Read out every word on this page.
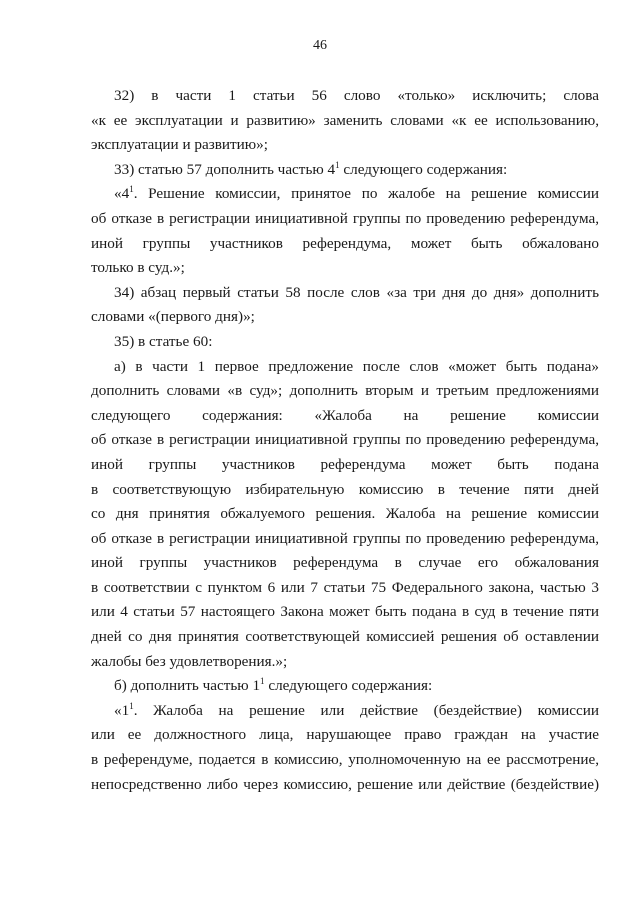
46
32) в части 1 статьи 56 слово «только» исключить; слова
«к ее эксплуатации и развитию» заменить словами «к ее использованию,
эксплуатации и развитию»;
33) статью 57 дополнить частью $4^1$ следующего содержания:
«$4^1$. Решение комиссии, принятое по жалобе на решение комиссии
об отказе в регистрации инициативной группы по проведению референдума,
иной группы участников референдума, может быть обжаловано
только в суд.»;
34) абзац первый статьи 58 после слов «за три дня до дня» дополнить
словами «(первого дня)»;
35) в статье 60:
а) в части 1 первое предложение после слов «может быть подана»
дополнить словами «в суд»; дополнить вторым и третьим предложениями
следующего содержания: «Жалоба на решение комиссии
об отказе в регистрации инициативной группы по проведению референдума,
иной группы участников референдума может быть подана
в соответствующую избирательную комиссию в течение пяти дней
со дня принятия обжалуемого решения. Жалоба на решение комиссии
об отказе в регистрации инициативной группы по проведению референдума,
иной группы участников референдума в случае его обжалования
в соответствии с пунктом 6 или 7 статьи 75 Федерального закона, частью 3
или 4 статьи 57 настоящего Закона может быть подана в суд в течение пяти
дней со дня принятия соответствующей комиссией решения об оставлении
жалобы без удовлетворения.»;
б) дополнить частью $1^1$ следующего содержания:
«$1^1$. Жалоба на решение или действие (бездействие) комиссии
или ее должностного лица, нарушающее право граждан на участие
в референдуме, подается в комиссию, уполномоченную на ее рассмотрение,
непосредственно либо через комиссию, решение или действие (бездействие)
